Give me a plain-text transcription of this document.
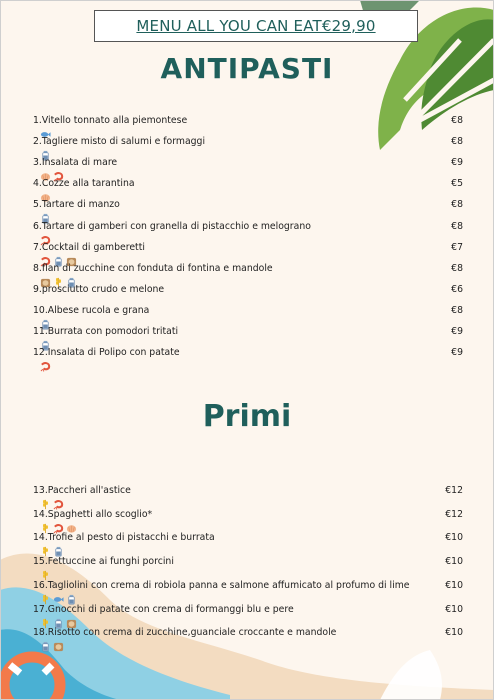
MENU ALL YOU CAN EAT€29,90
ANTIPASTI
1.Vitello tonnato alla piemontese	€8
2.Tagliere misto di salumi e formaggi	€8
3.Insalata di mare	€9
4.Cozze alla tarantina	€5
5.Tartare di manzo	€8
6.Tartare di gamberi con granella di pistacchio e melograno	€8
7.Cocktail di gamberetti	€7
8.flan di zucchine con fonduta di fontina e mandole	€8
9.prosciutto crudo e melone	€6
10.Albese rucola e grana	€8
11.Burrata con pomodori tritati	€9
12.Insalata di Polipo con patate	€9
Primi
13.Paccheri all'astice	€12
14.Spaghetti allo scoglio*	€12
14.Trofie al pesto di pistacchi e burrata	€10
15.Fettuccine ai funghi porcini	€10
16.Tagliolini con crema di robiola panna e salmone affumicato al profumo di lime	€10
17.Gnocchi di patate con crema di formanggi blu e pere	€10
18.Risotto con crema di zucchine,guanciale croccante e mandole	€10
